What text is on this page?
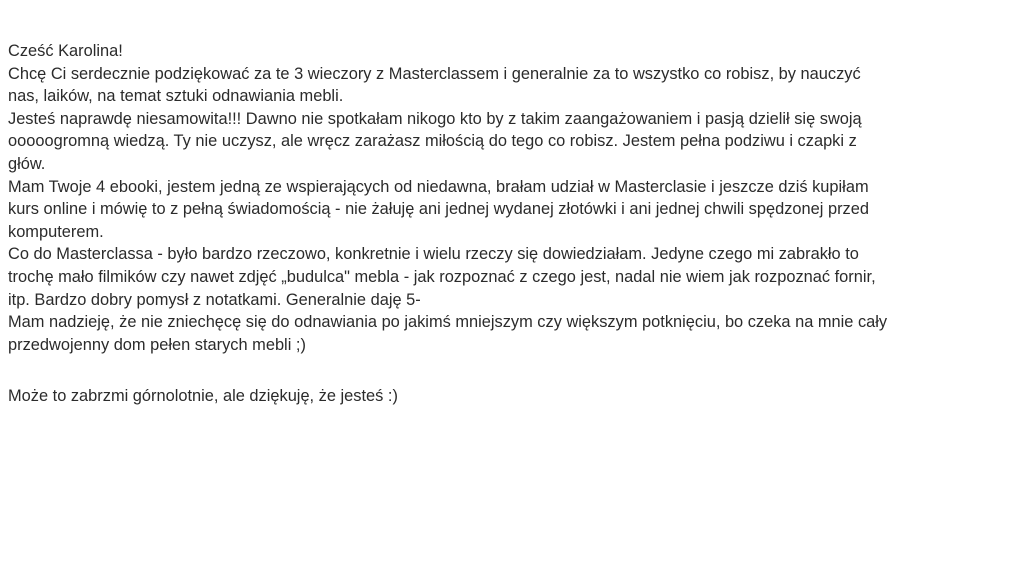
Cześć Karolina!
Chcę Ci serdecznie podziękować za te 3 wieczory z Masterclassem i generalnie za to wszystko co robisz, by nauczyć
nas, laików, na temat sztuki odnawiania mebli.
Jesteś naprawdę niesamowita!!! Dawno nie spotkałam nikogo kto by z takim zaangażowaniem i pasją dzielił się swoją
ooooogromną wiedzą. Ty nie uczysz, ale wręcz zarażasz miłością do tego co robisz. Jestem pełna podziwu i czapki z
głów.
Mam Twoje 4 ebooki, jestem jedną ze wspierających od niedawna, brałam udział w Masterclasie i jeszcze dziś kupiłam
kurs online i mówię to z pełną świadomością - nie żałuję ani jednej wydanej złotówki i ani jednej chwili spędzonej przed
komputerem.
Co do Masterclassa - było bardzo rzeczowo, konkretnie i wielu rzeczy się dowiedziałam. Jedyne czego mi zabrakło to
trochę mało filmików czy nawet zdjęć „budulca" mebla - jak rozpoznać z czego jest, nadal nie wiem jak rozpoznać fornir,
itp. Bardzo dobry pomysł z notatkami. Generalnie daję 5-
Mam nadzieję, że nie zniechęcę się do odnawiania po jakimś mniejszym czy większym potknięciu, bo czeka na mnie cały
przedwojenny dom pełen starych mebli ;)
Może to zabrzmi górnolotnie, ale dziękuję, że jesteś :)
